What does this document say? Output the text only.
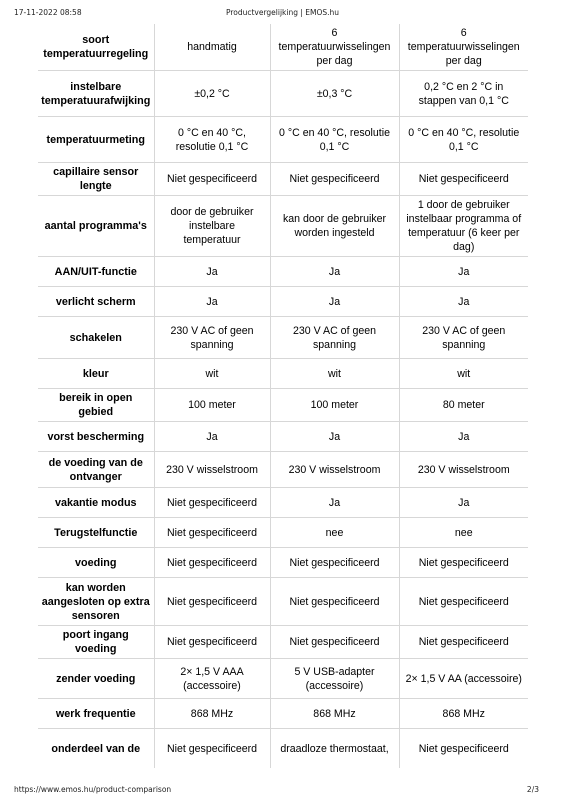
17-11-2022 08:58	Productvergelijking | EMOS.hu
soort temperatuurregeling	handmatig	6 temperatuurwisselingen per dag	6 temperatuurwisselingen per dag
instelbare temperatuurafwijking	±0,2 °C	±0,3 °C	0,2 °C en 2 °C in stappen van 0,1 °C
temperatuurmeting	0 °C en 40 °C, resolutie 0,1 °C	0 °C en 40 °C, resolutie 0,1 °C	0 °C en 40 °C, resolutie 0,1 °C
capillaire sensor lengte	Niet gespecificeerd	Niet gespecificeerd	Niet gespecificeerd
aantal programma's	door de gebruiker instelbare temperatuur	kan door de gebruiker worden ingesteld	1 door de gebruiker instelbaar programma of temperatuur (6 keer per dag)
AAN/UIT-functie	Ja	Ja	Ja
verlicht scherm	Ja	Ja	Ja
schakelen	230 V AC of geen spanning	230 V AC of geen spanning	230 V AC of geen spanning
kleur	wit	wit	wit
bereik in open gebied	100 meter	100 meter	80 meter
vorst bescherming	Ja	Ja	Ja
de voeding van de ontvanger	230 V wisselstroom	230 V wisselstroom	230 V wisselstroom
vakantie modus	Niet gespecificeerd	Ja	Ja
Terugstelfunctie	Niet gespecificeerd	nee	nee
voeding	Niet gespecificeerd	Niet gespecificeerd	Niet gespecificeerd
kan worden aangesloten op extra sensoren	Niet gespecificeerd	Niet gespecificeerd	Niet gespecificeerd
poort ingang voeding	Niet gespecificeerd	Niet gespecificeerd	Niet gespecificeerd
zender voeding	2× 1,5 V AAA (accessoire)	5 V USB-adapter (accessoire)	2× 1,5 V AA (accessoire)
werk frequentie	868 MHz	868 MHz	868 MHz
onderdeel van de	Niet gespecificeerd	draadloze thermostaat,	Niet gespecificeerd
https://www.emos.hu/product-comparison	2/3
